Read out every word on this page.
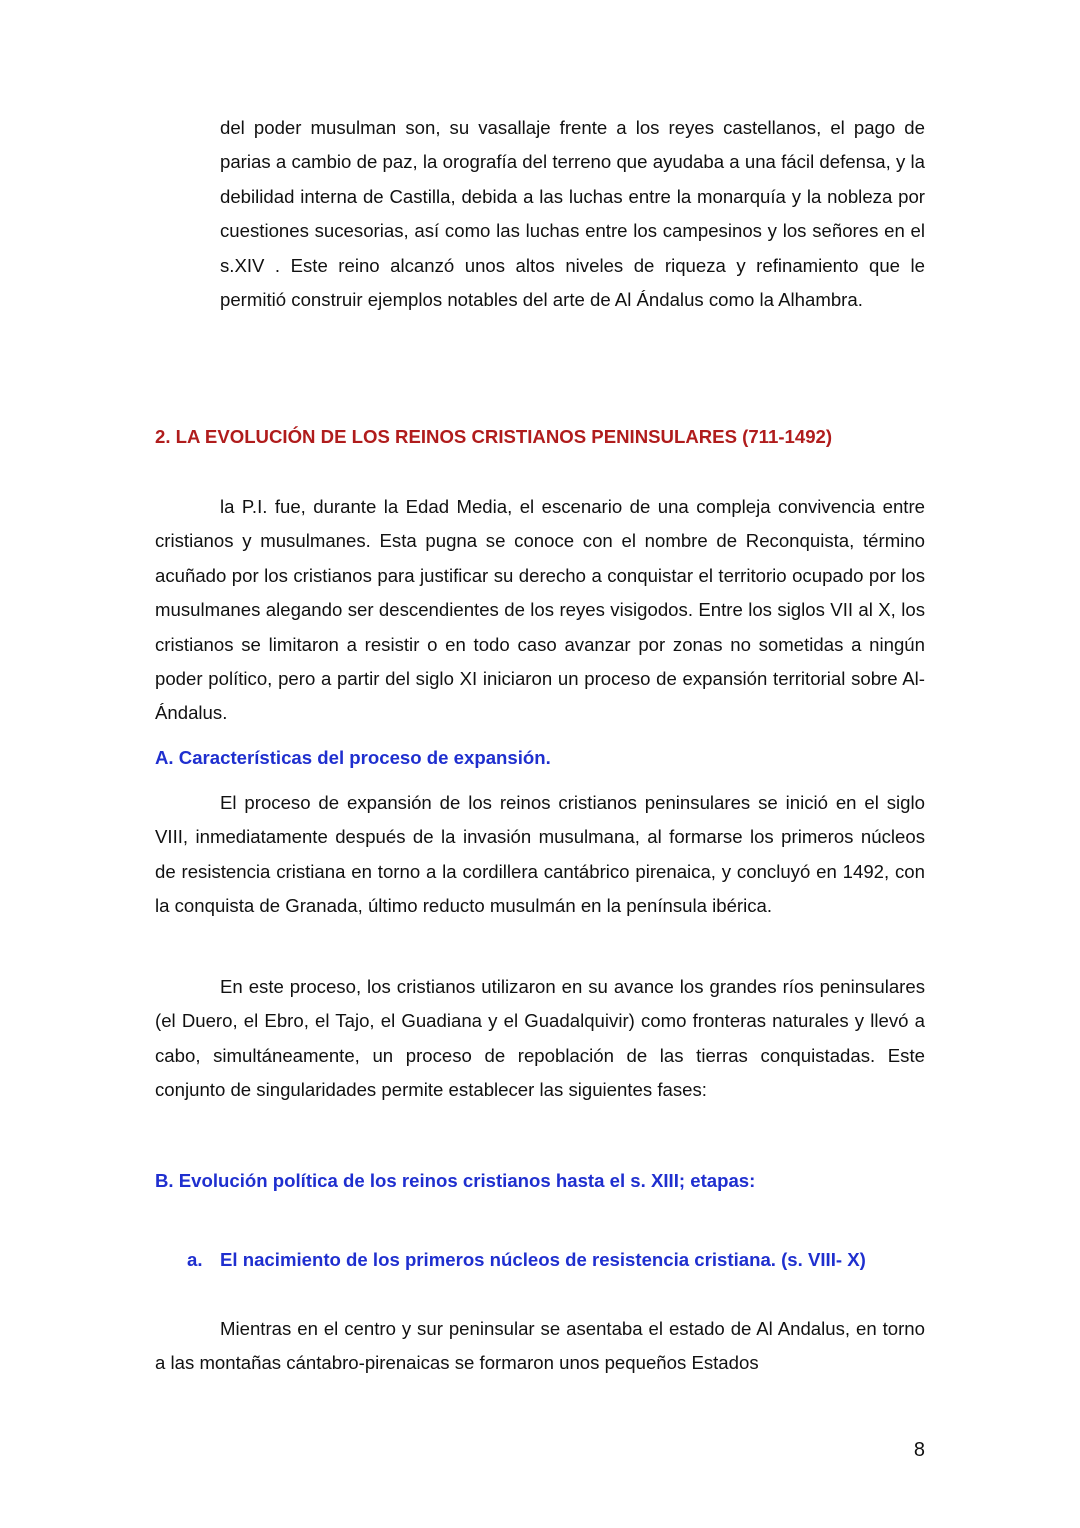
del poder musulman son, su vasallaje frente a los reyes castellanos, el pago de parias a cambio de paz, la orografía del terreno que ayudaba a una fácil defensa, y la debilidad interna de Castilla, debida a las luchas entre la monarquía y la nobleza por cuestiones sucesorias, así como las luchas entre los campesinos y los señores en el s.XIV . Este reino alcanzó unos altos niveles de riqueza y refinamiento que le permitió construir ejemplos notables del arte de Al Ándalus como la Alhambra.

2. LA EVOLUCIÓN DE LOS REINOS CRISTIANOS PENINSULARES (711-1492)

la P.I. fue, durante la Edad Media, el escenario de una compleja convivencia entre cristianos y musulmanes. Esta pugna se conoce con el nombre de Reconquista, término acuñado por los cristianos para justificar su derecho a conquistar el territorio ocupado por los musulmanes alegando ser descendientes de los reyes visigodos. Entre los siglos VII al X, los cristianos se limitaron a resistir o en todo caso avanzar por zonas no sometidas a ningún poder político, pero a partir del siglo XI iniciaron un proceso de expansión territorial sobre Al-Ándalus.

A. Características del proceso de expansión.

El proceso de expansión de los reinos cristianos peninsulares se inició en el siglo VIII, inmediatamente después de la invasión musulmana, al formarse los primeros núcleos de resistencia cristiana en torno a la cordillera cantábrico pirenaica, y concluyó en 1492, con la conquista de Granada, último reducto musulmán en la península ibérica.

En este proceso, los cristianos utilizaron en su avance los grandes ríos peninsulares (el Duero, el Ebro, el Tajo, el Guadiana y el Guadalquivir) como fronteras naturales y llevó a cabo, simultáneamente, un proceso de repoblación de las tierras conquistadas. Este conjunto de singularidades permite establecer las siguientes fases:

B. Evolución política de los reinos cristianos hasta el s. XIII; etapas:
a. El nacimiento de los primeros núcleos de resistencia cristiana. (s. VIII- X)

Mientras en el centro y sur peninsular se asentaba el estado de Al Andalus, en torno a las montañas cántabro-pirenaicas se formaron unos pequeños Estados

8
